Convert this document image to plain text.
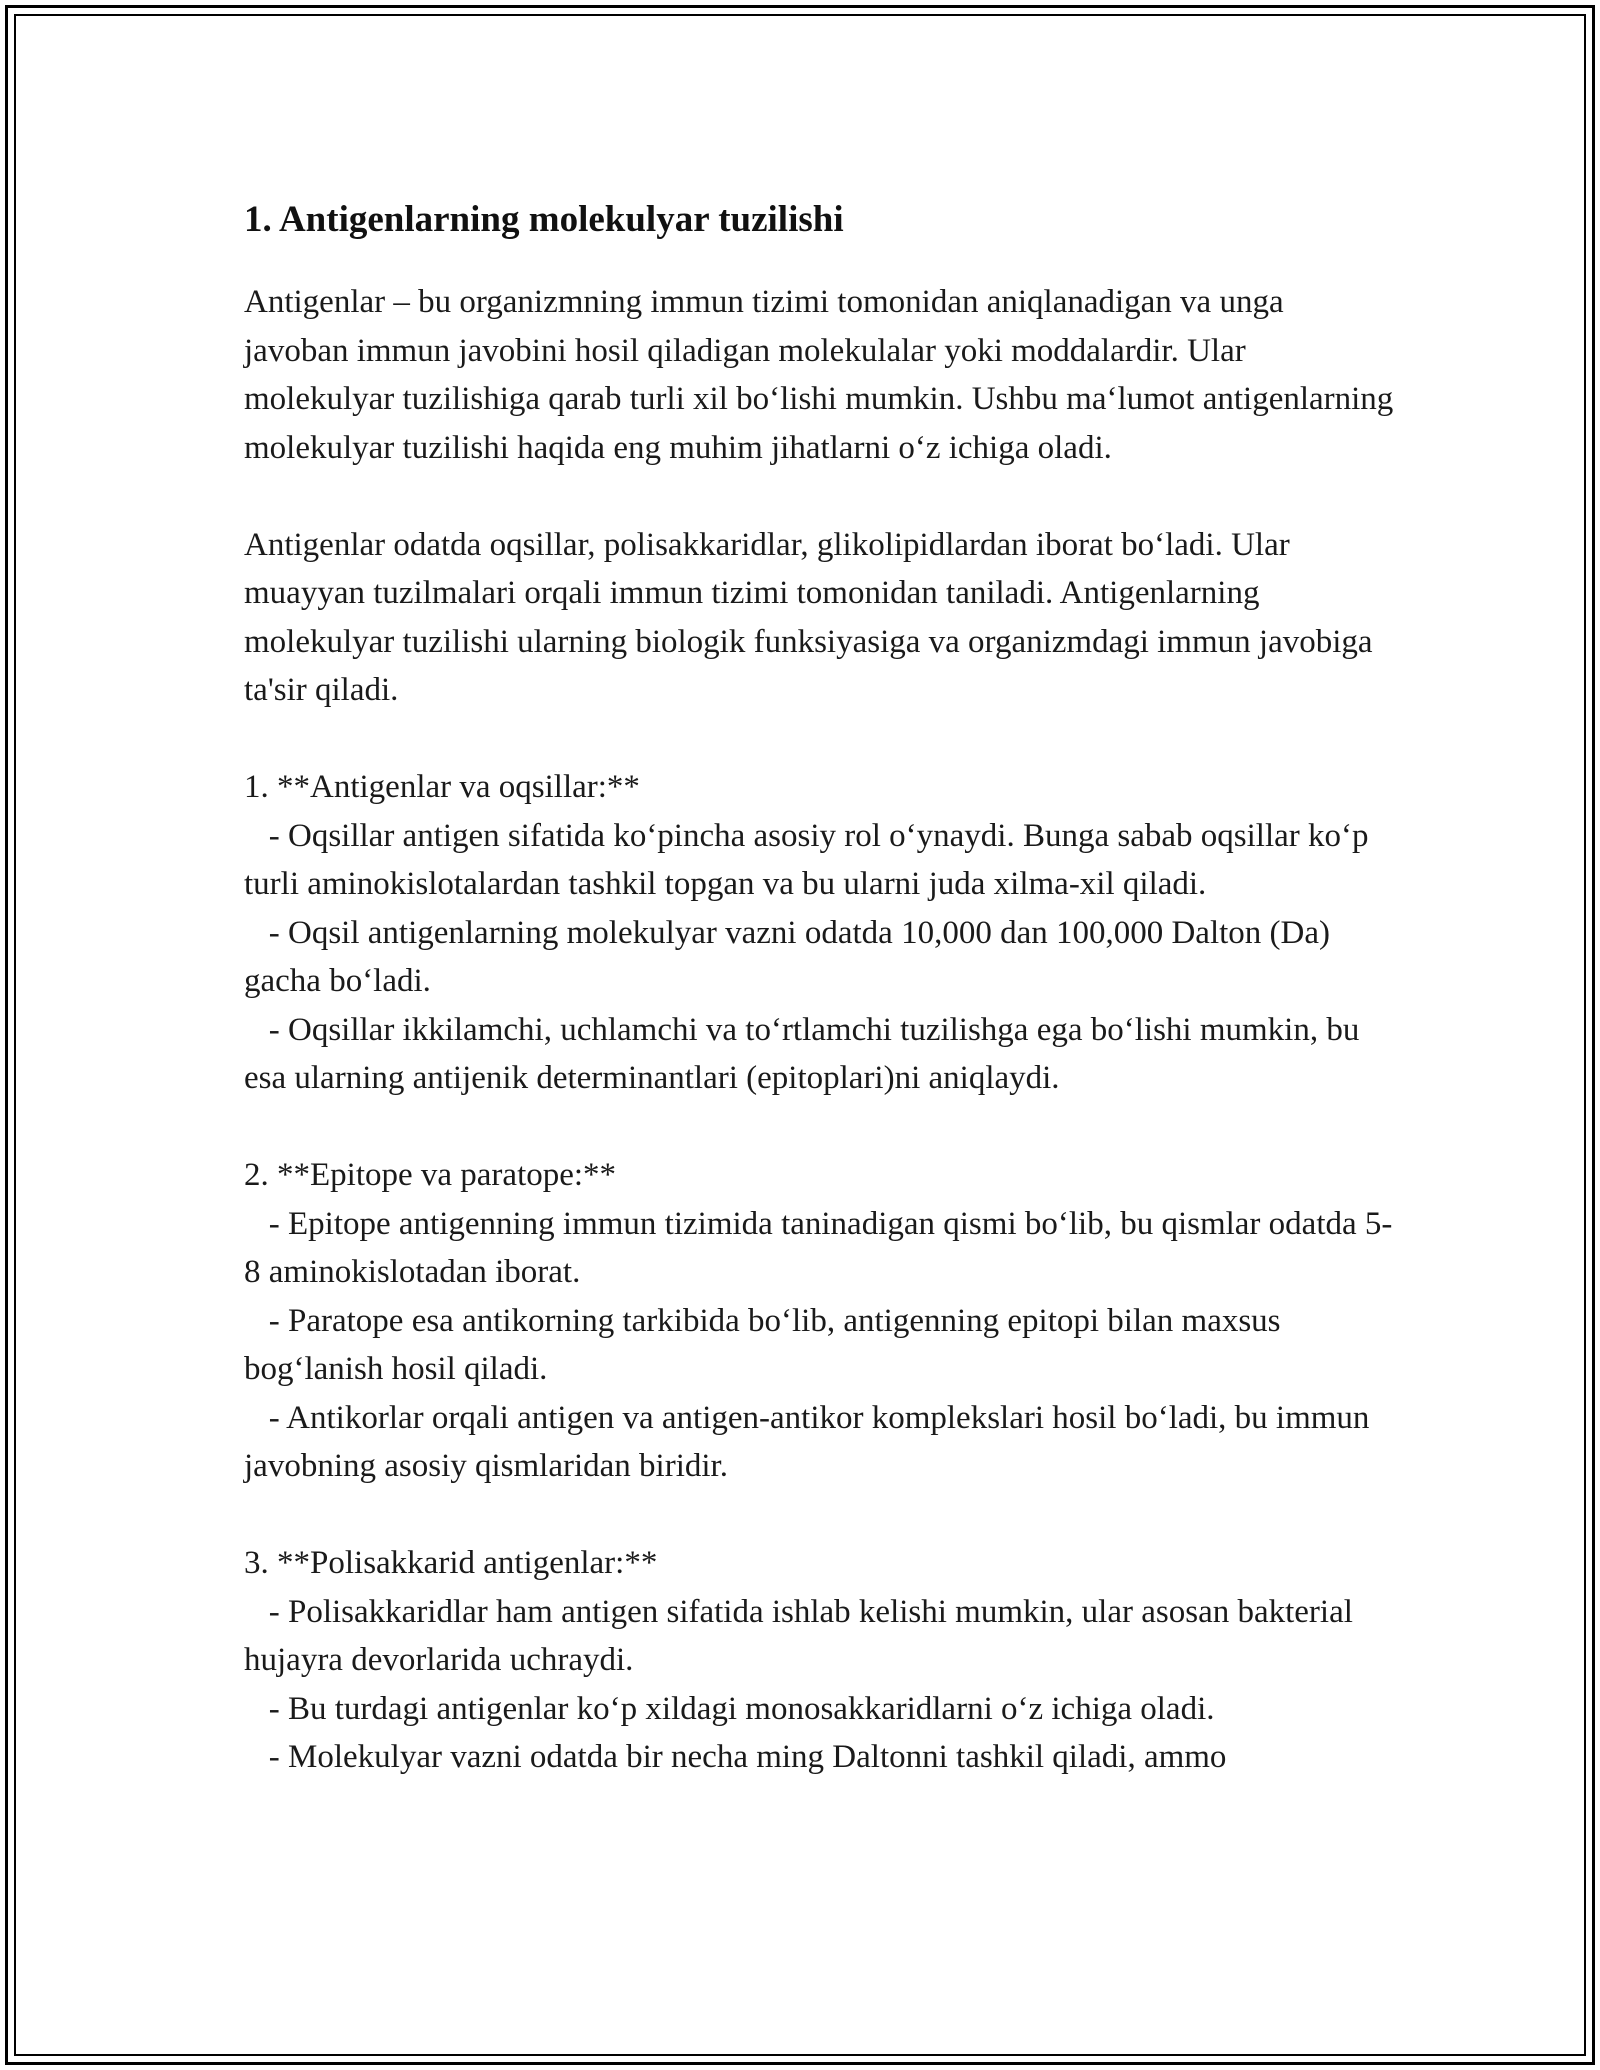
1. Antigenlarning molekulyar tuzilishi

Antigenlar – bu organizmning immun tizimi tomonidan aniqlanadigan va unga javoban immun javobini hosil qiladigan molekulalar yoki moddalardir. Ular molekulyar tuzilishiga qarab turli xil bo‘lishi mumkin. Ushbu ma‘lumot antigenlarning molekulyar tuzilishi haqida eng muhim jihatlarni o‘z ichiga oladi.

Antigenlar odatda oqsillar, polisakkaridlar, glikolipidlardan iborat bo‘ladi. Ular muayyan tuzilmalari orqali immun tizimi tomonidan taniladi. Antigenlarning molekulyar tuzilishi ularning biologik funksiyasiga va organizmdagi immun javobiga ta'sir qiladi.

1. **Antigenlar va oqsillar:**

- Oqsillar antigen sifatida ko‘pincha asosiy rol o‘ynaydi. Bunga sabab oqsillar ko‘p turli aminokislotalardan tashkil topgan va bu ularni juda xilma-xil qiladi.

- Oqsil antigenlarning molekulyar vazni odatda 10,000 dan 100,000 Dalton (Da) gacha bo‘ladi.

- Oqsillar ikkilamchi, uchlamchi va to‘rtlamchi tuzilishga ega bo‘lishi mumkin, bu esa ularning antijenik determinantlari (epitoplari)ni aniqlaydi.

2. **Epitope va paratope:**

- Epitope antigenning immun tizimida taninadigan qismi bo‘lib, bu qismlar odatda 5-8 aminokislotadan iborat.

- Paratope esa antikorning tarkibida bo‘lib, antigenning epitopi bilan maxsus bog‘lanish hosil qiladi.

- Antikorlar orqali antigen va antigen-antikor komplekslari hosil bo‘ladi, bu immun javobning asosiy qismlaridan biridir.

3. **Polisakkarid antigenlar:**

- Polisakkaridlar ham antigen sifatida ishlab kelishi mumkin, ular asosan bakterial hujayra devorlarida uchraydi.

- Bu turdagi antigenlar ko‘p xildagi monosakkaridlarni o‘z ichiga oladi.

- Molekulyar vazni odatda bir necha ming Daltonni tashkil qiladi, ammo
